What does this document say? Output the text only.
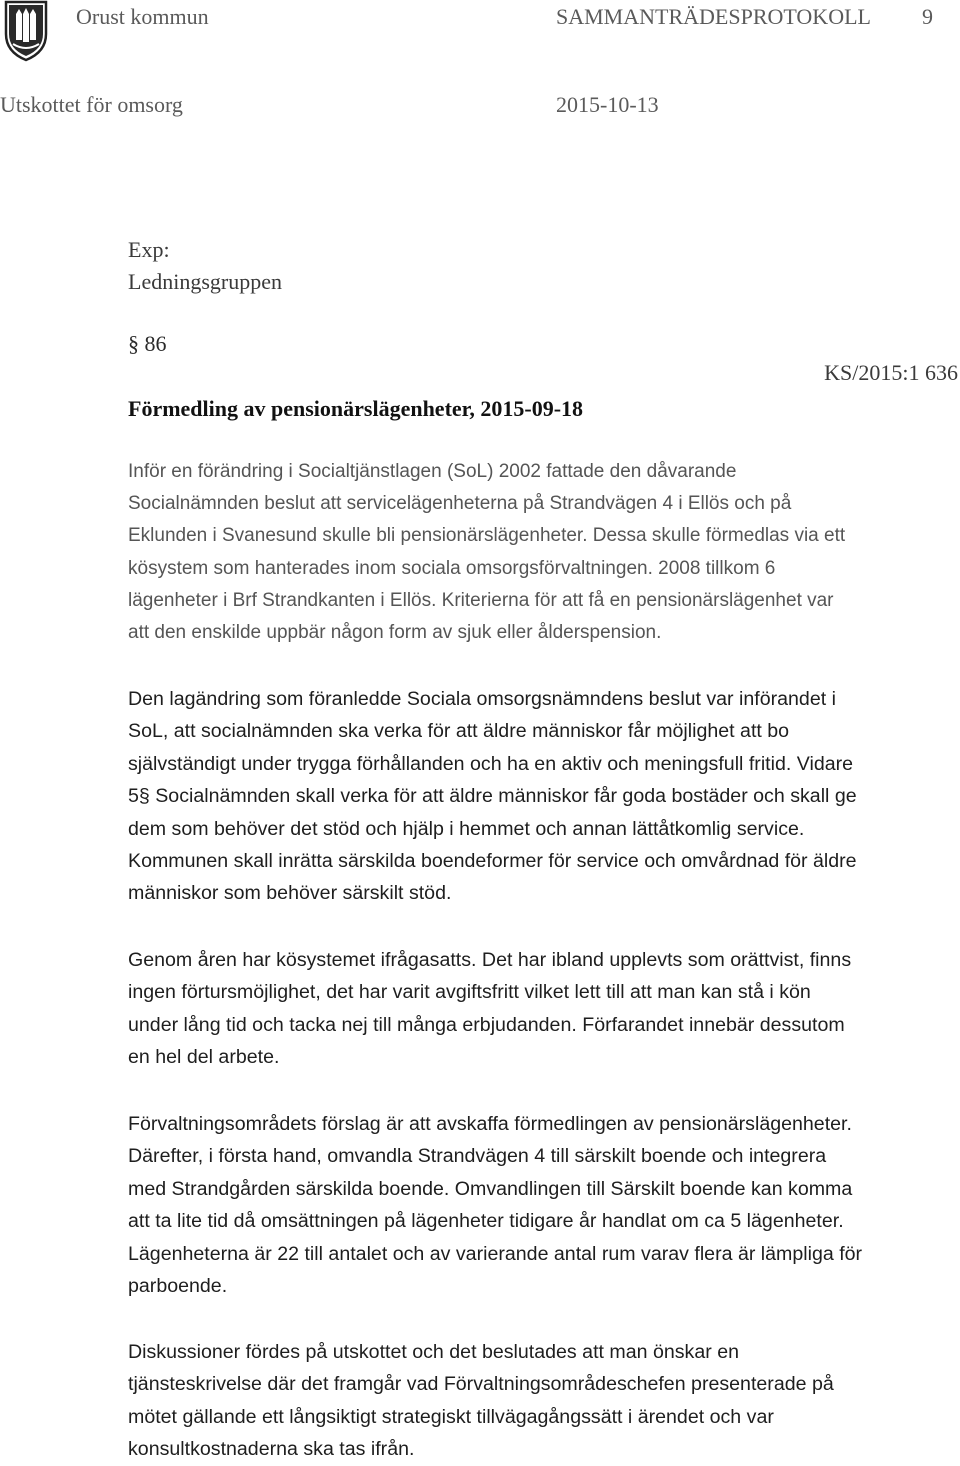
Orust kommun	SAMMANTRÄDESPROTOKOLL 9
Utskottet för omsorg	2015-10-13
Exp:
Ledningsgruppen
§ 86
KS/2015:1 636
Förmedling av pensionärslägenheter, 2015-09-18

Inför en förändring i Socialtjänstlagen (SoL) 2002 fattade den dåvarande

Socialnämnden beslut att servicelägenheterna på Strandvägen 4 i Ellös och på

Eklunden i Svanesund skulle bli pensionärslägenheter. Dessa skulle förmedlas via ett

kösystem som hanterades inom sociala omsorgsförvaltningen. 2008 tillkom 6

lägenheter i Brf Strandkanten i Ellös. Kriterierna för att få en pensionärslägenhet var

att den enskilde uppbär någon form av sjuk eller ålderspension.

Den lagändring som föranledde Sociala omsorgsnämndens beslut var införandet i

SoL, att socialnämnden ska verka för att äldre människor får möjlighet att bo

självständigt under trygga förhållanden och ha en aktiv och meningsfull fritid. Vidare

5§ Socialnämnden skall verka för att äldre människor får goda bostäder och skall ge

dem som behöver det stöd och hjälp i hemmet och annan lättåtkomlig service.

Kommunen skall inrätta särskilda boendeformer för service och omvårdnad för äldre

människor som behöver särskilt stöd.

Genom åren har kösystemet ifrågasatts. Det har ibland upplevts som orättvist, finns

ingen förtursmöjlighet, det har varit avgiftsfritt vilket lett till att man kan stå i kön

under lång tid och tacka nej till många erbjudanden. Förfarandet innebär dessutom

en hel del arbete.

Förvaltningsområdets förslag är att avskaffa förmedlingen av pensionärslägenheter.

Därefter, i första hand, omvandla Strandvägen 4 till särskilt boende och integrera

med Strandgården särskilda boende. Omvandlingen till Särskilt boende kan komma

att ta lite tid då omsättningen på lägenheter tidigare år handlat om ca 5 lägenheter.

Lägenheterna är 22 till antalet och av varierande antal rum varav flera är lämpliga för

parboende.

Diskussioner fördes på utskottet och det beslutades att man önskar en

tjänsteskrivelse där det framgår vad Förvaltningsområdeschefen presenterade på

mötet gällande ett långsiktigt strategiskt tillvägagångssätt i ärendet och var

konsultkostnaderna ska tas ifrån.
